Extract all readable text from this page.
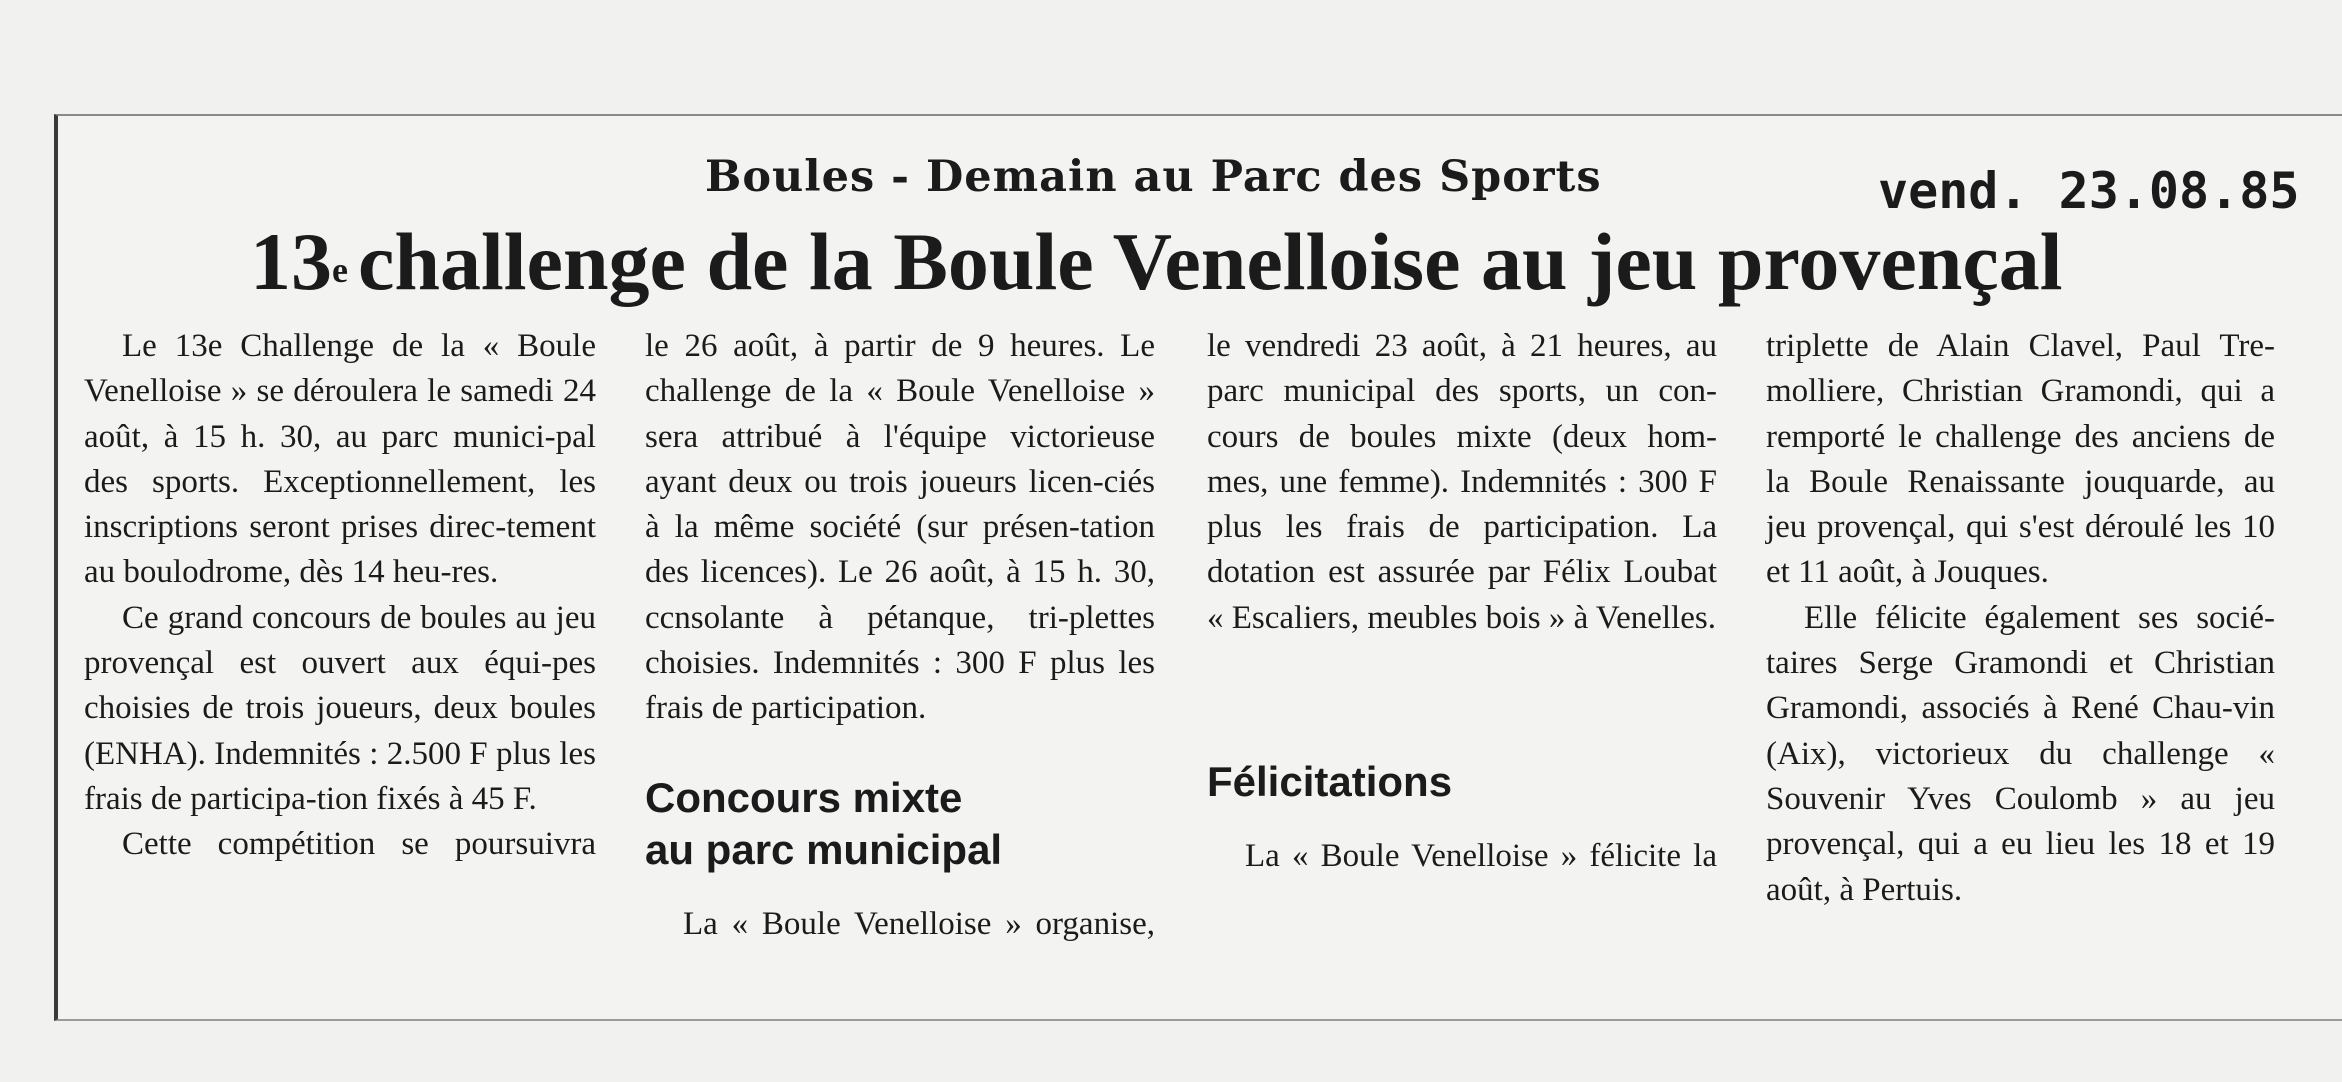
Boules - Demain au Parc des Sports	vend. 23.08.85
13e challenge de la Boule Venelloise au jeu provençal

Le 13e Challenge de la « Boule Venelloise » se déroulera le samedi 24 août, à 15 h. 30, au parc munici-pal des sports. Exceptionnellement, les inscriptions seront prises direc-tement au boulodrome, dès 14 heu-res.

Ce grand concours de boules au jeu provençal est ouvert aux équi-pes choisies de trois joueurs, deux boules (ENHA). Indemnités : 2.500 F plus les frais de participa-tion fixés à 45 F.

Cette compétition se poursuivra

le 26 août, à partir de 9 heures. Le challenge de la « Boule Venelloise » sera attribué à l'équipe victorieuse ayant deux ou trois joueurs licen-ciés à la même société (sur présen-tation des licences). Le 26 août, à 15 h. 30, ccnsolante à pétanque, tri-plettes choisies. Indemnités : 300 F plus les frais de participation.

Concours mixte
au parc municipal

La « Boule Venelloise » organise,

le vendredi 23 août, à 21 heures, au parc municipal des sports, un con-cours de boules mixte (deux hom-mes, une femme). Indemnités : 300 F plus les frais de participation. La dotation est assurée par Félix Loubat « Escaliers, meubles bois » à Venelles.

Félicitations

La « Boule Venelloise » félicite la

triplette de Alain Clavel, Paul Tre-molliere, Christian Gramondi, qui a remporté le challenge des anciens de la Boule Renaissante jouquarde, au jeu provençal, qui s'est déroulé les 10 et 11 août, à Jouques.

Elle félicite également ses socié-taires Serge Gramondi et Christian Gramondi, associés à René Chau-vin (Aix), victorieux du challenge « Souvenir Yves Coulomb » au jeu provençal, qui a eu lieu les 18 et 19 août, à Pertuis.
